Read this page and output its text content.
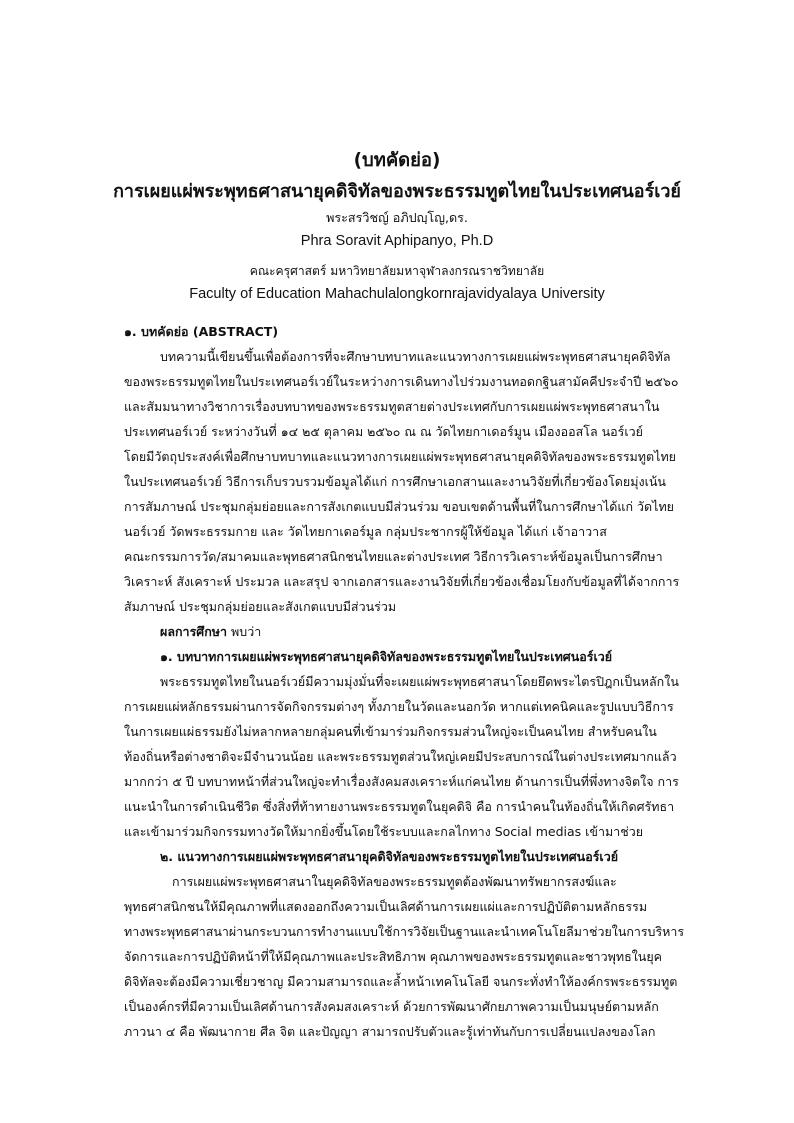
(บทคัดย่อ)
การเผยแผ่พระพุทธศาสนายุคดิจิทัลของพระธรรมทูตไทยในประเทศนอร์เวย์
พระสรวิชญ์ อภิปญฺโญ,ดร.
Phra Soravit Aphipanyo, Ph.D
คณะครุศาสตร์ มหาวิทยาลัยมหาจุฬาลงกรณราชวิทยาลัย
Faculty of Education Mahachulalongkornrajavidyalaya University
๑. บทคัดย่อ (ABSTRACT)
บทความนี้เขียนขึ้นเพื่อต้องการที่จะศึกษาบทบาทและแนวทางการเผยแผ่พระพุทธศาสนายุคดิจิทัล
ของพระธรรมทูตไทยในประเทศนอร์เวย์ในระหว่างการเดินทางไปร่วมงานทอดกฐินสามัคคีประจำปี ๒๕๖๐
และสัมมนาทางวิชาการเรื่องบทบาทของพระธรรมทูตสายต่างประเทศกับการเผยแผ่พระพุทธศาสนาใน
ประเทศนอร์เวย์ ระหว่างวันที่ ๑๔ ๒๕ ตุลาคม ๒๕๖๐ ณ ณ วัดไทยกาเดอร์มูน เมืองออสโล นอร์เวย์
โดยมีวัตถุประสงค์เพื่อศึกษาบทบาทและแนวทางการเผยแผ่พระพุทธศาสนายุคดิจิทัลของพระธรรมทูตไทย
ในประเทศนอร์เวย์ วิธีการเก็บรวบรวมข้อมูลได้แก่ การศึกษาเอกสานและงานวิจัยที่เกี่ยวข้องโดยมุ่งเน้น
การสัมภาษณ์ ประชุมกลุ่มย่อยและการสังเกตแบบมีส่วนร่วม ขอบเขตด้านพื้นที่ในการศึกษาได้แก่ วัดไทย
นอร์เวย์ วัดพระธรรมกาย และ วัดไทยกาเดอร์มูล กลุ่มประชากรผู้ให้ข้อมูล ได้แก่ เจ้าอาวาส
คณะกรรมการวัด/สมาคมและพุทธศาสนิกชนไทยและต่างประเทศ วิธีการวิเคราะห์ข้อมูลเป็นการศึกษา
วิเคราะห์ สังเคราะห์ ประมวล และสรุป จากเอกสารและงานวิจัยที่เกี่ยวข้องเชื่อมโยงกับข้อมูลที่ได้จากการ
สัมภาษณ์ ประชุมกลุ่มย่อยและสังเกตแบบมีส่วนร่วม
ผลการศึกษา พบว่า
๑. บทบาทการเผยแผ่พระพุทธศาสนายุคดิจิทัลของพระธรรมทูตไทยในประเทศนอร์เวย์
พระธรรมทูตไทยในนอร์เวย์มีความมุ่งมั่นที่จะเผยแผ่พระพุทธศาสนาโดยยึดพระไตรปิฎกเป็นหลักใน
การเผยแผ่หลักธรรมผ่านการจัดกิจกรรมต่างๆ ทั้งภายในวัดและนอกวัด หากแต่เทคนิคและรูปแบบวิธีการ
ในการเผยแผ่ธรรมยังไม่หลากหลายกลุ่มคนที่เข้ามาร่วมกิจกรรมส่วนใหญ่จะเป็นคนไทย สำหรับคนใน
ท้องถิ่นหรือต่างชาติจะมีจำนวนน้อย และพระธรรมทูตส่วนใหญ่เคยมีประสบการณ์ในต่างประเทศมากแล้ว
มากกว่า ๕ ปี บทบาทหน้าที่ส่วนใหญ่จะทำเรื่องสังคมสงเคราะห์แก่คนไทย ด้านการเป็นที่พึ่งทางจิตใจ การ
แนะนำในการดำเนินชีวิต ซึ่งสิ่งที่ท้าทายงานพระธรรมทูตในยุคดิจิ คือ การนำคนในท้องถิ่นให้เกิดศรัทธา
และเข้ามาร่วมกิจกรรมทางวัดให้มากยิ่งขึ้นโดยใช้ระบบและกลไกทาง Social medias เข้ามาช่วย
๒. แนวทางการเผยแผ่พระพุทธศาสนายุคดิจิทัลของพระธรรมทูตไทยในประเทศนอร์เวย์
การเผยแผ่พระพุทธศาสนาในยุคดิจิทัลของพระธรรมทูตต้องพัฒนาทรัพยากรสงฆ์และ
พุทธศาสนิกชนให้มีคุณภาพที่แสดงออกถึงความเป็นเลิศด้านการเผยแผ่และการปฏิบัติตามหลักธรรม
ทางพระพุทธศาสนาผ่านกระบวนการทำงานแบบใช้การวิจัยเป็นฐานและนำเทคโนโยลีมาช่วยในการบริหาร
จัดการและการปฏิบัติหน้าที่ให้มีคุณภาพและประสิทธิภาพ คุณภาพของพระธรรมทูตและชาวพุทธในยุค
ดิจิทัลจะต้องมีความเชี่ยวชาญ มีความสามารถและล้ำหน้าเทคโนโลยี จนกระทั่งทำให้องค์กรพระธรรมทูต
เป็นองค์กรที่มีความเป็นเลิศด้านการสังคมสงเคราะห์ ด้วยการพัฒนาศักยภาพความเป็นมนุษย์ตามหลัก
ภาวนา ๔ คือ พัฒนากาย ศีล จิต และปัญญา สามารถปรับตัวและรู้เท่าทันกับการเปลี่ยนแปลงของโลก
